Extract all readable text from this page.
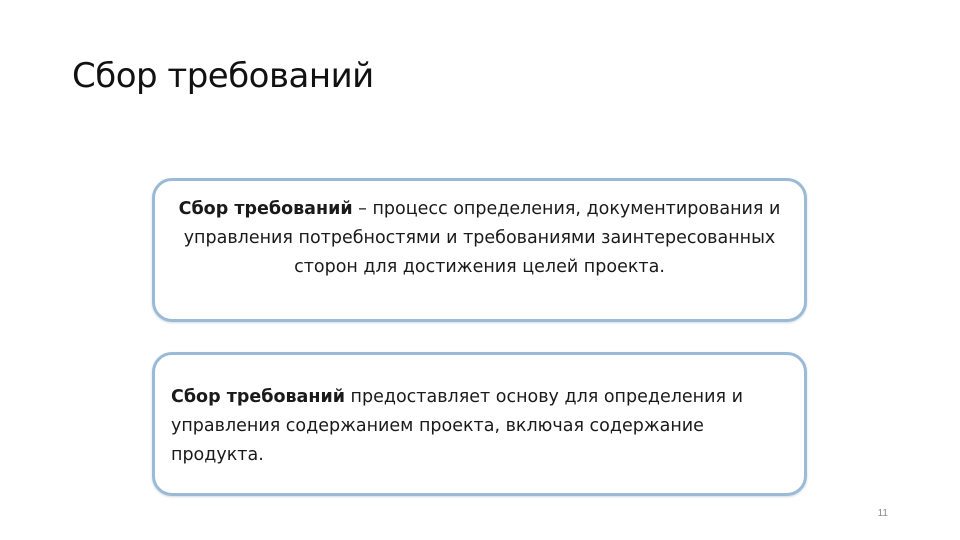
Сбор требований
Сбор требований – процесс определения, документирования и управления потребностями и требованиями заинтересованных сторон для достижения целей проекта.
Сбор требований предоставляет основу для определения и управления содержанием проекта, включая содержание продукта.
11
